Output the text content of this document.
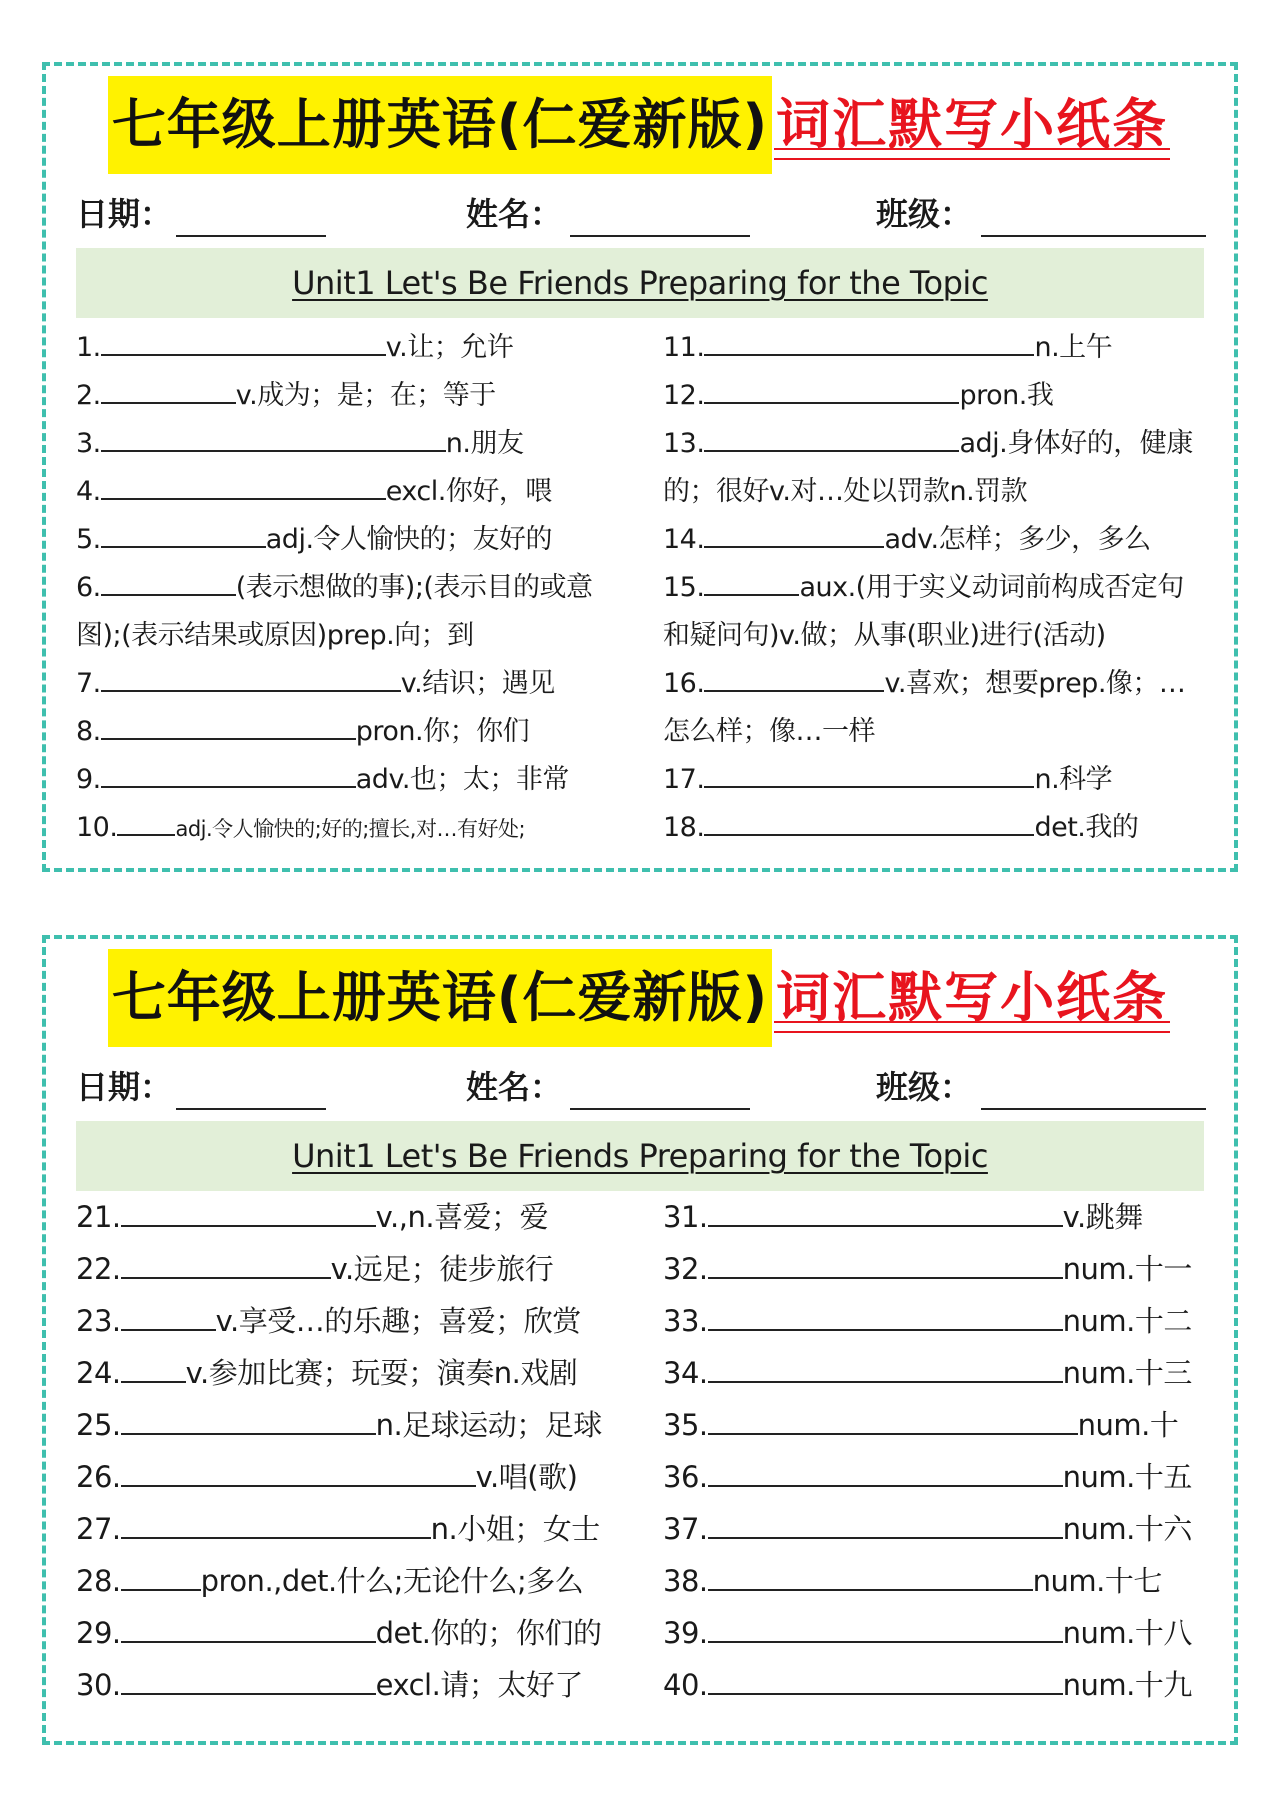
七年级上册英语(仁爱新版) 词汇默写小纸条
日期：	姓名：	班级：
Unit1 Let's Be Friends Preparing for the Topic
1.	v.让；允许
2.	v.成为；是；在；等于
3.	n.朋友
4.	excl.你好，喂
5.	adj.令人愉快的；友好的
6.	(表示想做的事);(表示目的或意图);(表示结果或原因)prep.向；到
7.	v.结识；遇见
8.	pron.你；你们
9.	adv.也；太；非常
10.	adj.令人愉快的;好的;擅长,对…有好处;
11.	n.上午
12.	pron.我
13.	adj.身体好的，健康的；很好v.对…处以罚款n.罚款
14.	adv.怎样；多少，多么
15.	aux.(用于实义动词前构成否定句和疑问句)v.做；从事(职业)进行(活动)
16.	v.喜欢；想要prep.像；…怎么样；像…一样
17.	n.科学
18.	det.我的
七年级上册英语(仁爱新版) 词汇默写小纸条
日期：	姓名：	班级：
Unit1 Let's Be Friends Preparing for the Topic
21.	v.,n.喜爱；爱
22.	v.远足；徒步旅行
23.	v.享受…的乐趣；喜爱；欣赏
24. v.参加比赛；玩耍；演奏n.戏剧
25.	n.足球运动；足球
26.	v.唱(歌)
27.	n.小姐；女士
28.	pron.,det.什么;无论什么;多么
29.	det.你的；你们的
30.	excl.请；太好了
31.	v.跳舞
32.	num.十一
33.	num.十二
34.	num.十三
35.	num.十
36.	num.十五
37.	num.十六
38.	num.十七
39.	num.十八
40.	num.十九
